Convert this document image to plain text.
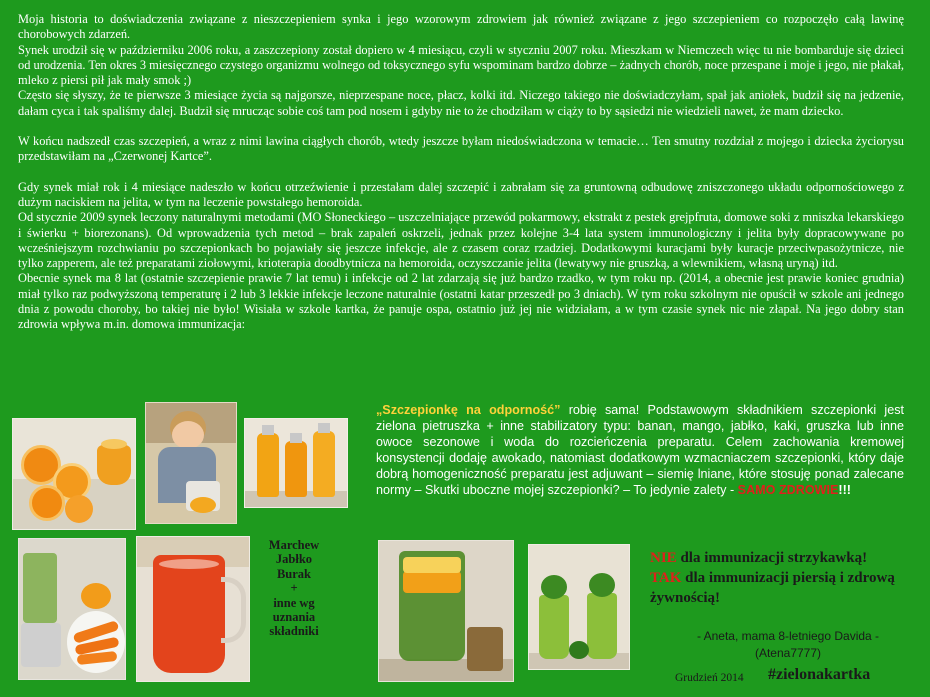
Moja historia to doświadczenia związane z nieszczepieniem synka i jego wzorowym zdrowiem jak również związane z jego szczepieniem co rozpoczęło całą lawinę chorobowych zdarzeń.

Synek urodził się w październiku 2006 roku, a zaszczepiony został dopiero w 4 miesiącu, czyli w styczniu 2007 roku. Mieszkam w Niemczech więc tu nie bombarduje się dzieci od urodzenia. Ten okres 3 miesięcznego czystego organizmu wolnego od toksycznego syfu wspominam bardzo dobrze – żadnych chorób, noce przespane i moje i jego, nie płakał, mleko z piersi pił jak mały smok ;)

Często się słyszy, że te pierwsze 3 miesiące życia są najgorsze, nieprzespane noce, płacz, kolki itd. Niczego takiego nie doświadczyłam, spał jak aniołek, budził się na jedzenie, dałam cyca i tak spaliśmy dalej. Budził się mrucząc sobie coś tam pod nosem i gdyby nie to że chodziłam w ciąży to by sąsiedzi nie wiedzieli nawet, że mam dziecko.

W końcu nadszedł czas szczepień, a wraz z nimi lawina ciągłych chorób, wtedy jeszcze byłam niedoświadczona w temacie… Ten smutny rozdział z mojego i dziecka życiorysu przedstawiłam na „Czerwonej Kartce”.

Gdy synek miał rok i 4 miesiące nadeszło w końcu otrzeźwienie i przestałam dalej szczepić i zabrałam się za gruntowną odbudowę zniszczonego układu odpornościowego z dużym naciskiem na jelita, w tym na leczenie powstałego hemoroida.

Od stycznie 2009 synek leczony naturalnymi metodami (MO Słoneckiego – uszczelniające przewód pokarmowy, ekstrakt z pestek grejpfruta, domowe soki z mniszka lekarskiego i świerku + biorezonans). Od wprowadzenia tych metod – brak zapaleń oskrzeli, jednak przez kolejne 3-4 lata system immunologiczny i jelita były dopracowywane po wcześniejszym rozchwianiu po szczepionkach bo pojawiały się jeszcze infekcje, ale z czasem coraz rzadziej. Dodatkowymi kuracjami były kuracje przeciwpasożytnicze, nie tylko zapperem, ale też preparatami ziołowymi, krioterapia doodbytnicza na hemoroida, oczyszczanie jelita (lewatywy nie gruszką, a wlewnikiem, własną uryną) itd.

Obecnie synek ma 8 lat (ostatnie szczepienie prawie 7 lat temu) i infekcje od 2 lat zdarzają się już bardzo rzadko, w tym roku np. (2014, a obecnie jest prawie koniec grudnia) miał tylko raz podwyższoną temperaturę i 2 lub 3 lekkie infekcje leczone naturalnie (ostatni katar przeszedł po 3 dniach). W tym roku szkolnym nie opuścił w szkole ani jednego dnia z powodu choroby, bo takiej nie było! Wisiała w szkole kartka, że panuje ospa, ostatnio już jej nie widziałam, a w tym czasie synek nic nie złapał. Na jego dobry stan zdrowia wpływa m.in. domowa immunizacja:

Marchew
Jabłko
Burak
+
inne wg
uznania
składniki
„Szczepionkę na odporność” robię sama! Podstawowym składnikiem szczepionki jest zielona pietruszka + inne stabilizatory typu: banan, mango, jabłko, kaki, gruszka lub inne owoce sezonowe i woda do rozcieńczenia preparatu. Celem zachowania kremowej konsystencji dodaję awokado, natomiast dodatkowym wzmacniaczem szczepionki, który daje dobrą homogeniczność preparatu jest adjuwant – siemię lniane, które stosuję ponad zalecane normy – Skutki uboczne mojej szczepionki? – To jedynie zalety - SAMO ZDROWIE!!!
NIE dla immunizacji strzykawką!
TAK dla immunizacji piersią i zdrową żywnością!
- Aneta, mama 8-letniego Davida -
(Atena7777)
Grudzień 2014 #zielonakartka
